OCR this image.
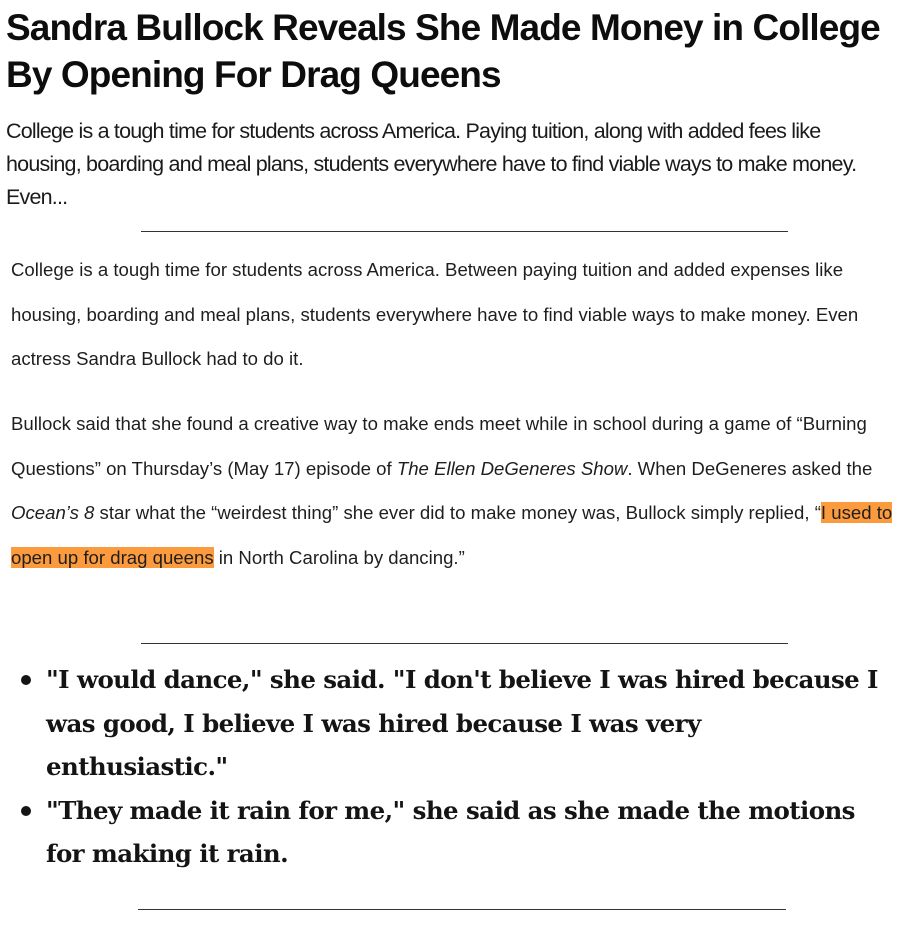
Sandra Bullock Reveals She Made Money in College By Opening For Drag Queens

College is a tough time for students across America. Paying tuition, along with added fees like housing, boarding and meal plans, students everywhere have to find viable ways to make money. Even...

College is a tough time for students across America. Between paying tuition and added expenses like housing, boarding and meal plans, students everywhere have to find viable ways to make money. Even actress Sandra Bullock had to do it.

Bullock said that she found a creative way to make ends meet while in school during a game of “Burning Questions” on Thursday’s (May 17) episode of The Ellen DeGeneres Show. When DeGeneres asked the Ocean’s 8 star what the “weirdest thing” she ever did to make money was, Bullock simply replied, “I used to open up for drag queens in North Carolina by dancing.”

"I would dance," she said. "I don't believe I was hired because I was good, I believe I was hired because I was very enthusiastic."
"They made it rain for me," she said as she made the motions for making it rain.
